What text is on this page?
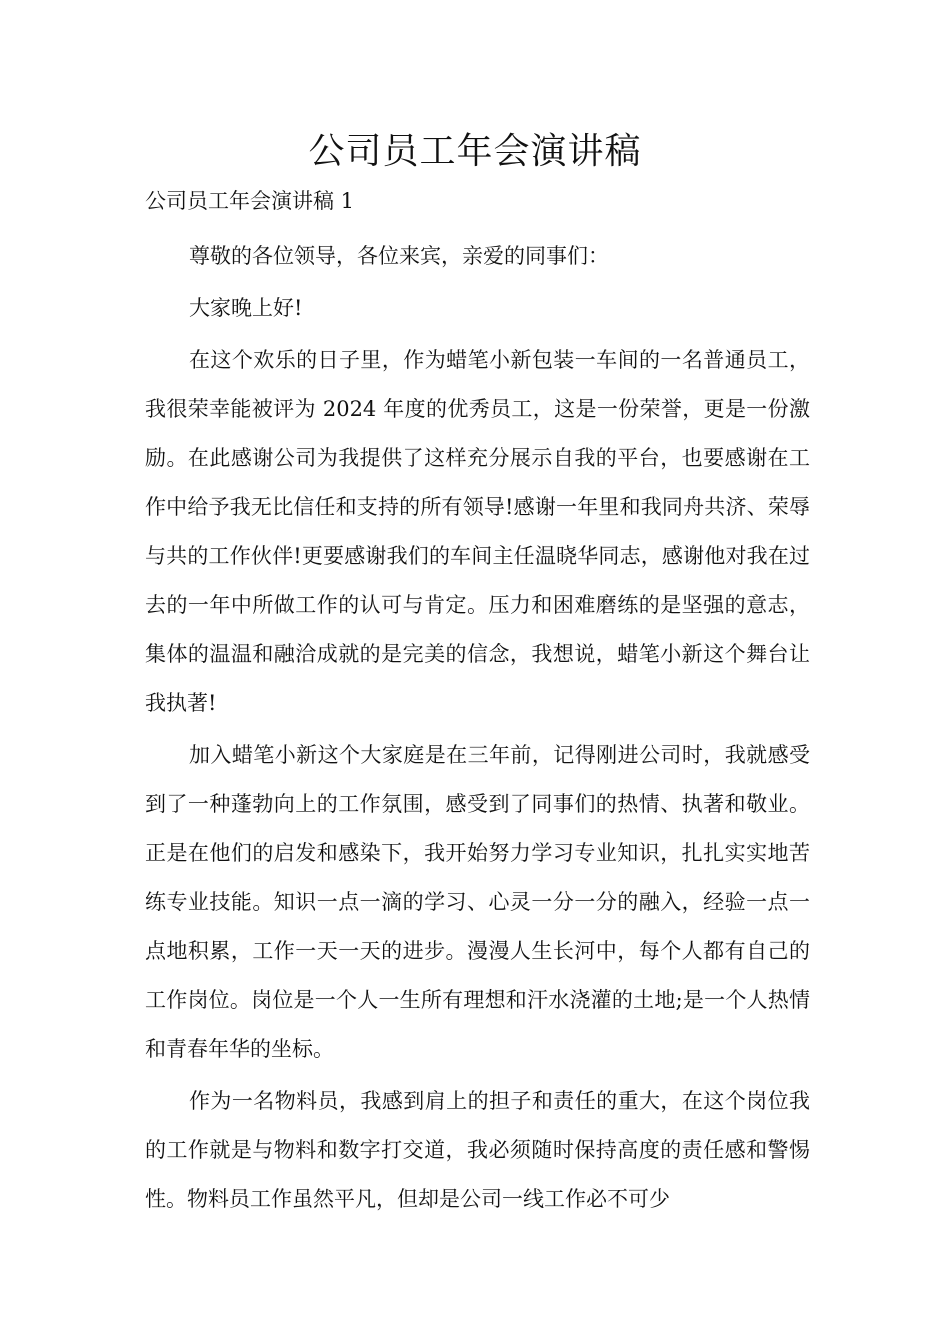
公司员工年会演讲稿

公司员工年会演讲稿 1

尊敬的各位领导，各位来宾，亲爱的同事们：

大家晚上好!

在这个欢乐的日子里，作为蜡笔小新包装一车间的一名普通员工，我很荣幸能被评为 2024 年度的优秀员工，这是一份荣誉，更是一份激励。在此感谢公司为我提供了这样充分展示自我的平台，也要感谢在工作中给予我无比信任和支持的所有领导!感谢一年里和我同舟共济、荣辱与共的工作伙伴!更要感谢我们的车间主任温晓华同志，感谢他对我在过去的一年中所做工作的认可与肯定。压力和困难磨练的是坚强的意志，集体的温温和融洽成就的是完美的信念，我想说，蜡笔小新这个舞台让我执著!

加入蜡笔小新这个大家庭是在三年前，记得刚进公司时，我就感受到了一种蓬勃向上的工作氛围，感受到了同事们的热情、执著和敬业。正是在他们的启发和感染下，我开始努力学习专业知识，扎扎实实地苦练专业技能。知识一点一滴的学习、心灵一分一分的融入，经验一点一点地积累，工作一天一天的进步。漫漫人生长河中，每个人都有自己的工作岗位。岗位是一个人一生所有理想和汗水浇灌的土地;是一个人热情和青春年华的坐标。

作为一名物料员，我感到肩上的担子和责任的重大，在这个岗位我的工作就是与物料和数字打交道，我必须随时保持高度的责任感和警惕性。物料员工作虽然平凡，但却是公司一线工作必不可少
